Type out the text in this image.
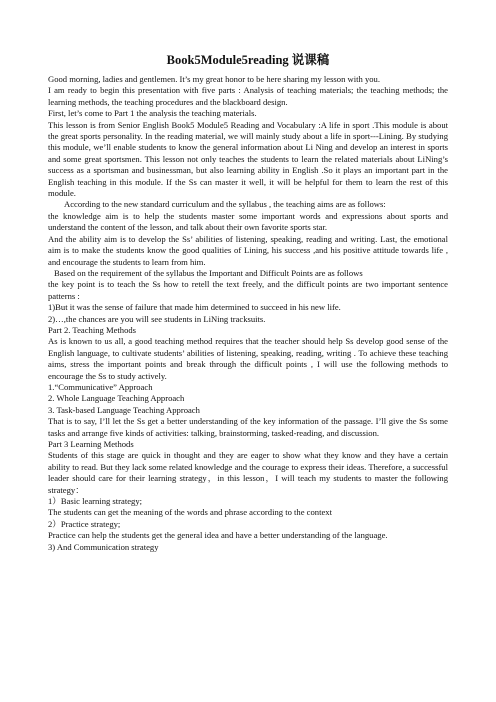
Book5Module5reading 说课稿

Good morning, ladies and gentlemen. It’s my great honor to be here sharing my lesson with you.

I am ready to begin this presentation with five parts : Analysis of teaching materials; the teaching methods; the learning methods, the teaching procedures and the blackboard design.

First, let’s come to Part 1 the analysis the teaching materials.

This lesson is from Senior English Book5 Module5 Reading and Vocabulary :A life in sport .This module is about the great sports personality. In the reading material, we will mainly study about a life in sport---Lining. By studying this module, we’ll enable students to know the general information about Li Ning and develop an interest in sports and some great sportsmen. This lesson not only teaches the students to learn the related materials about LiNing’s success as a sportsman and businessman, but also learning ability in English .So it plays an important part in the English teaching in this module. If the Ss can master it well, it will be helpful for them to learn the rest of this module.

According to the new standard curriculum and the syllabus , the teaching aims are as follows:

the knowledge aim is to help the students master some important words and expressions about sports and understand the content of the lesson, and talk about their own favorite sports star.

And the ability aim is to develop the Ss’ abilities of listening, speaking, reading and writing. Last, the emotional aim is to make the students know the good qualities of Lining, his success ,and his positive attitude towards life , and encourage the students to learn from him.

Based on the requirement of the syllabus the Important and Difficult Points are as follows

the key point is to teach the Ss how to retell the text freely, and the difficult points are two important sentence patterns :

1)But it was the sense of failure that made him determined to succeed in his new life.

2)…,the chances are you will see students in LiNing tracksuits.

Part 2. Teaching Methods

As is known to us all, a good teaching method requires that the teacher should help Ss develop good sense of the English language, to cultivate students’ abilities of listening, speaking, reading, writing . To achieve these teaching aims, stress the important points and break through the difficult points , I will use the following methods to encourage the Ss to study actively.

1.“Communicative” Approach

2. Whole Language Teaching Approach

3. Task-based Language Teaching Approach

That is to say, I’ll let the Ss get a better understanding of the key information of the passage. I’ll give the Ss some tasks and arrange five kinds of activities: talking, brainstorming, tasked-reading, and discussion.

Part 3 Learning Methods

Students of this stage are quick in thought and they are eager to show what they know and they have a certain ability to read. But they lack some related knowledge and the courage to express their ideas. Therefore, a successful leader should care for their learning strategy，in this lesson，I will teach my students to master the following strategy：

1）Basic learning strategy;

The students can get the meaning of the words and phrase according to the context

2）Practice strategy;

Practice can help the students get the general idea and have a better understanding of the language.

3) And Communication strategy
